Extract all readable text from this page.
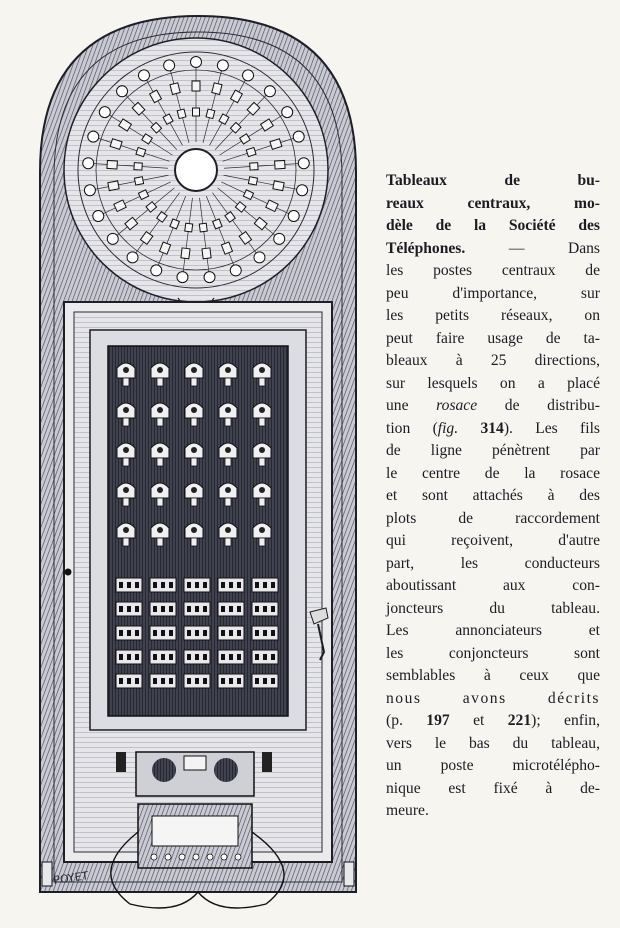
POYET
Tableaux de bu-
reaux centraux, mo-
dèle de la Société des
Téléphones. — Dans
les postes centraux de
peu d'importance, sur
les petits réseaux, on
peut faire usage de ta-
bleaux à 25 directions,
sur lesquels on a placé
une rosace de distribu-
tion (fig. 314). Les fils
de ligne pénètrent par
le centre de la rosace
et sont attachés à des
plots de raccordement
qui reçoivent, d'autre
part, les conducteurs
aboutissant aux con-
joncteurs du tableau.
Les annonciateurs et
les conjoncteurs sont
semblables à ceux que
nous avons décrits
(p. 197 et 221); enfin,
vers le bas du tableau,
un poste microtélépho-
nique est fixé à de-
meure.
